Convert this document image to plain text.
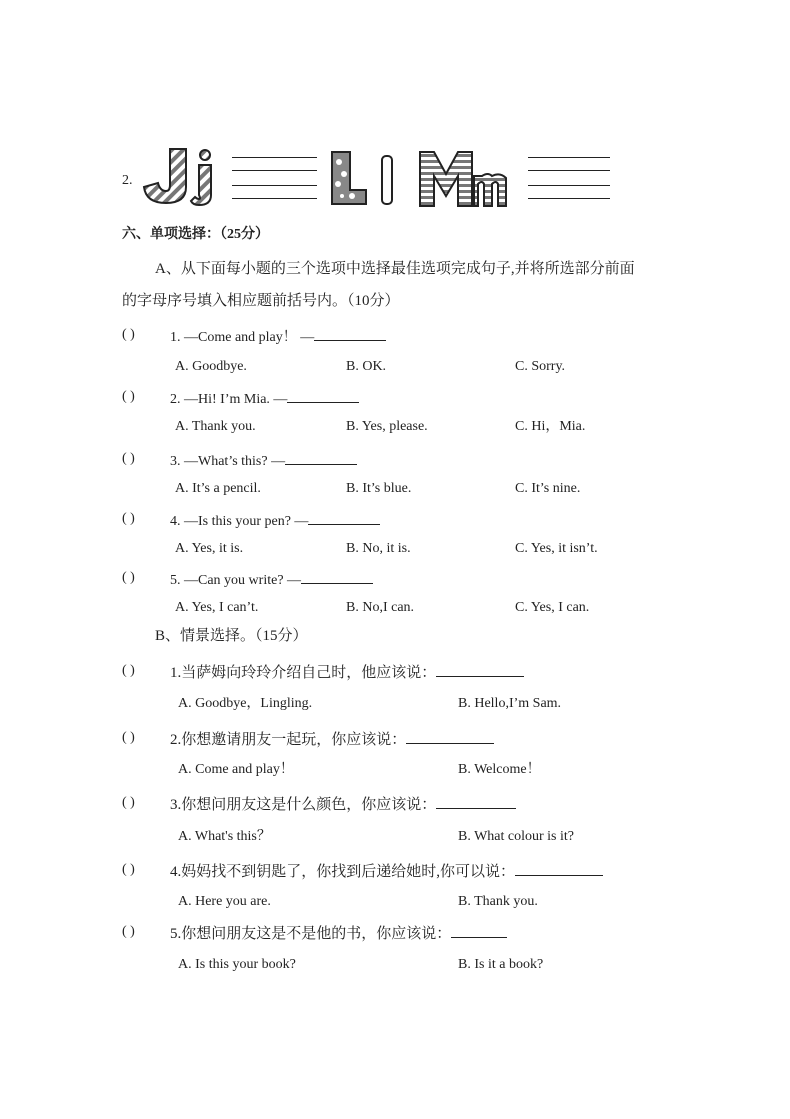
2.
六、单项选择：（25分）
A、从下面每小题的三个选项中选择最佳选项完成句子,并将所选部分前面
的字母序号填入相应题前括号内。（10分）
( )	1. —Come and play！ —
A. Goodbye.	B. OK.	C. Sorry.
( )	2. —Hi! I’m Mia. —
A. Thank you.	B. Yes, please.	C. Hi，Mia.
( )	3. —What’s this? —
A. It’s a pencil.	B. It’s blue.	C. It’s nine.
( )	4. —Is this your pen? —
A. Yes, it is.	B. No, it is.	C. Yes, it isn’t.
( )	5. —Can you write? —
A. Yes, I can’t.	B. No,I can.	C. Yes, I can.
B、情景选择。（15分）
( ) 1.当萨姆向玲玲介绍自己时，他应该说：
A. Goodbye，Lingling.	B. Hello,I’m Sam.
( ) 2.你想邀请朋友一起玩，你应该说：
A. Come and play！	B. Welcome！
( ) 3.你想问朋友这是什么颜色，你应该说：
A. What's this？	B. What colour is it?
( ) 4.妈妈找不到钥匙了，你找到后递给她时,你可以说：
A. Here you are.	B. Thank you.
( ) 5.你想问朋友这是不是他的书，你应该说：
A. Is this your book?	B. Is it a book?
